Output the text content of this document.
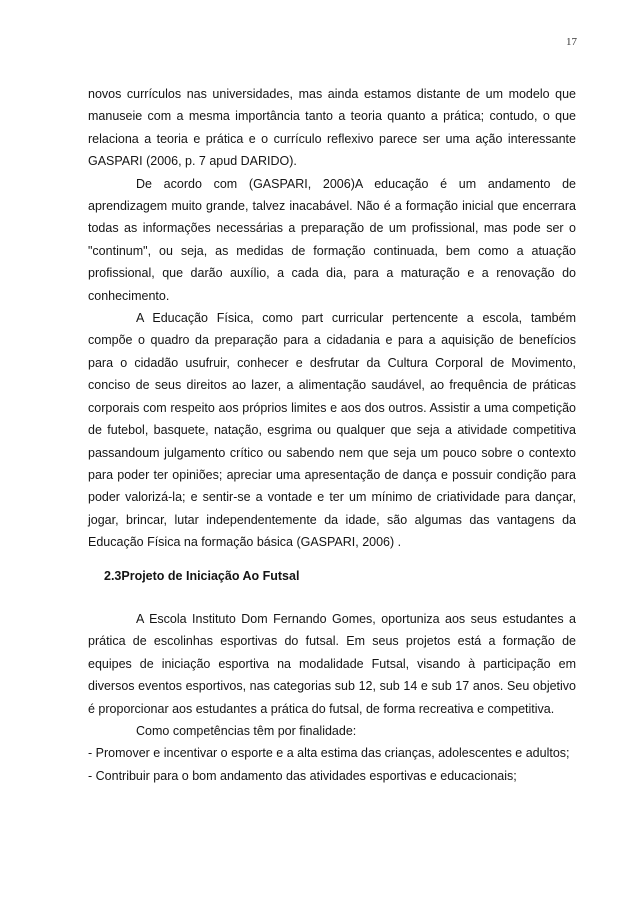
17

novos currículos nas universidades, mas ainda estamos distante de um modelo que manuseie com a mesma importância tanto a teoria quanto a prática; contudo, o que relaciona a teoria e prática e o currículo reflexivo parece ser uma ação interessante GASPARI (2006, p. 7 apud DARIDO).

De acordo com (GASPARI, 2006)A educação é um andamento de aprendizagem muito grande, talvez inacabável. Não é a formação inicial que encerrara todas as informações necessárias a preparação de um profissional, mas pode ser o "continum", ou seja, as medidas de formação continuada, bem como a atuação profissional, que darão auxílio, a cada dia, para a maturação e a renovação do conhecimento.

A Educação Física, como part curricular pertencente a escola, também compõe o quadro da preparação para a cidadania e para a aquisição de benefícios para o cidadão usufruir, conhecer e desfrutar da Cultura Corporal de Movimento, conciso de seus direitos ao lazer, a alimentação saudável, ao frequência de práticas corporais com respeito aos próprios limites e aos dos outros. Assistir a uma competição de futebol, basquete, natação, esgrima ou qualquer que seja a atividade competitiva passandoum julgamento crítico ou sabendo nem que seja um pouco sobre o contexto para poder ter opiniões; apreciar uma apresentação de dança e possuir condição para poder valorizá-la; e sentir-se a vontade e ter um mínimo de criatividade para dançar, jogar, brincar, lutar independentemente da idade, são algumas das vantagens da Educação Física na formação básica (GASPARI, 2006) .

2.3Projeto de Iniciação Ao Futsal

A Escola Instituto Dom Fernando Gomes, oportuniza aos seus estudantes a prática de escolinhas esportivas do futsal. Em seus projetos está a formação de equipes de iniciação esportiva na modalidade Futsal, visando à participação em diversos eventos esportivos, nas categorias sub 12, sub 14 e sub 17 anos. Seu objetivo é proporcionar aos estudantes a prática do futsal, de forma recreativa e competitiva.

Como competências têm por finalidade:

- Promover e incentivar o esporte e a alta estima das crianças, adolescentes e adultos;

- Contribuir para o bom andamento das atividades esportivas e educacionais;
